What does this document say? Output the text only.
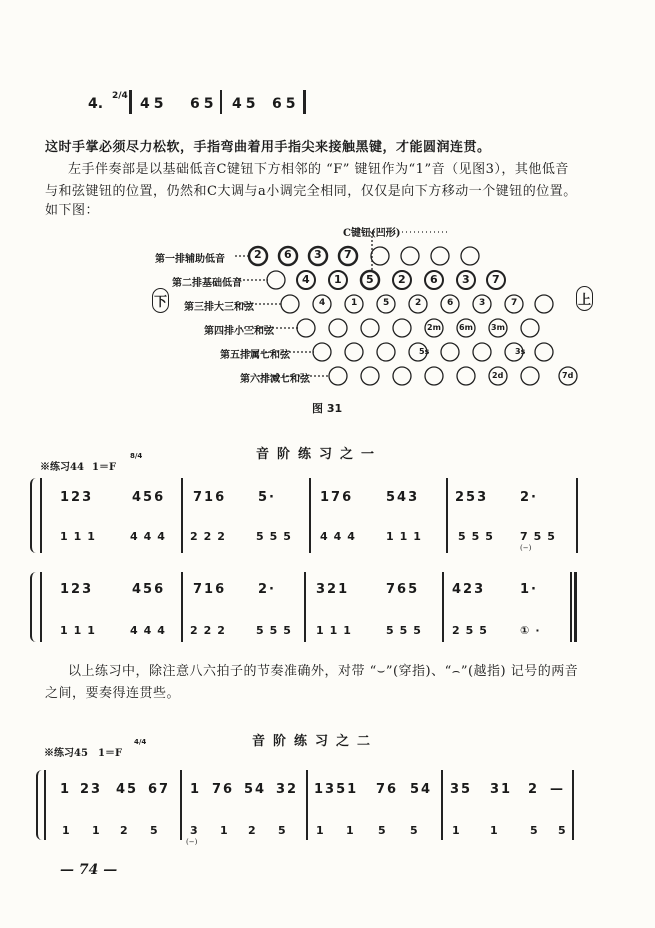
4. 2/4 45 65 45 65
这时手掌必须尽力松软，手指弯曲着用手指尖来接触黑键，才能圆润连贯。
左手伴奏部是以基础低音C键钮下方相邻的 “F” 键钮作为“1”音（见图3），其他低音
与和弦键钮的位置，仍然和C大调与a小调完全相同，仅仅是向下方移动一个键钮的位置。
如下图：
C键钮(凹形)
第一排辅助低音
第二排基础低音
第三排大三和弦
第四排小三和弦
第五排属七和弦
第六排减七和弦
2 6 3 7
4 1 5 2 6 3 7
4	1	5	2	6	3	7
2m 6m 3m
5s	3s
2d	7d
下	上
图 31
音阶练习之一
※练习44 1＝F
8/4
123	456 716 5·	176	543	253 2·
111	444 222 555 444 111	555 755
(−)
123	456 716 2·	321	765	423	1·
111	444 222 555 111	555 255 ①·
以上练习中，除注意八六拍子的节奏准确外，对带 “⌣”(穿指)、“⌢”(越指) 记号的两音
之间，要奏得连贯些。
音阶练习之二
※练习45 1＝F
4/4
1 23 45 67 1 76 54 32 1351 76 54 35 31 2 —
1 1 2 5 3
(−)
1 2 5 1 1 5 5	1 1 5 5
— 74 —
